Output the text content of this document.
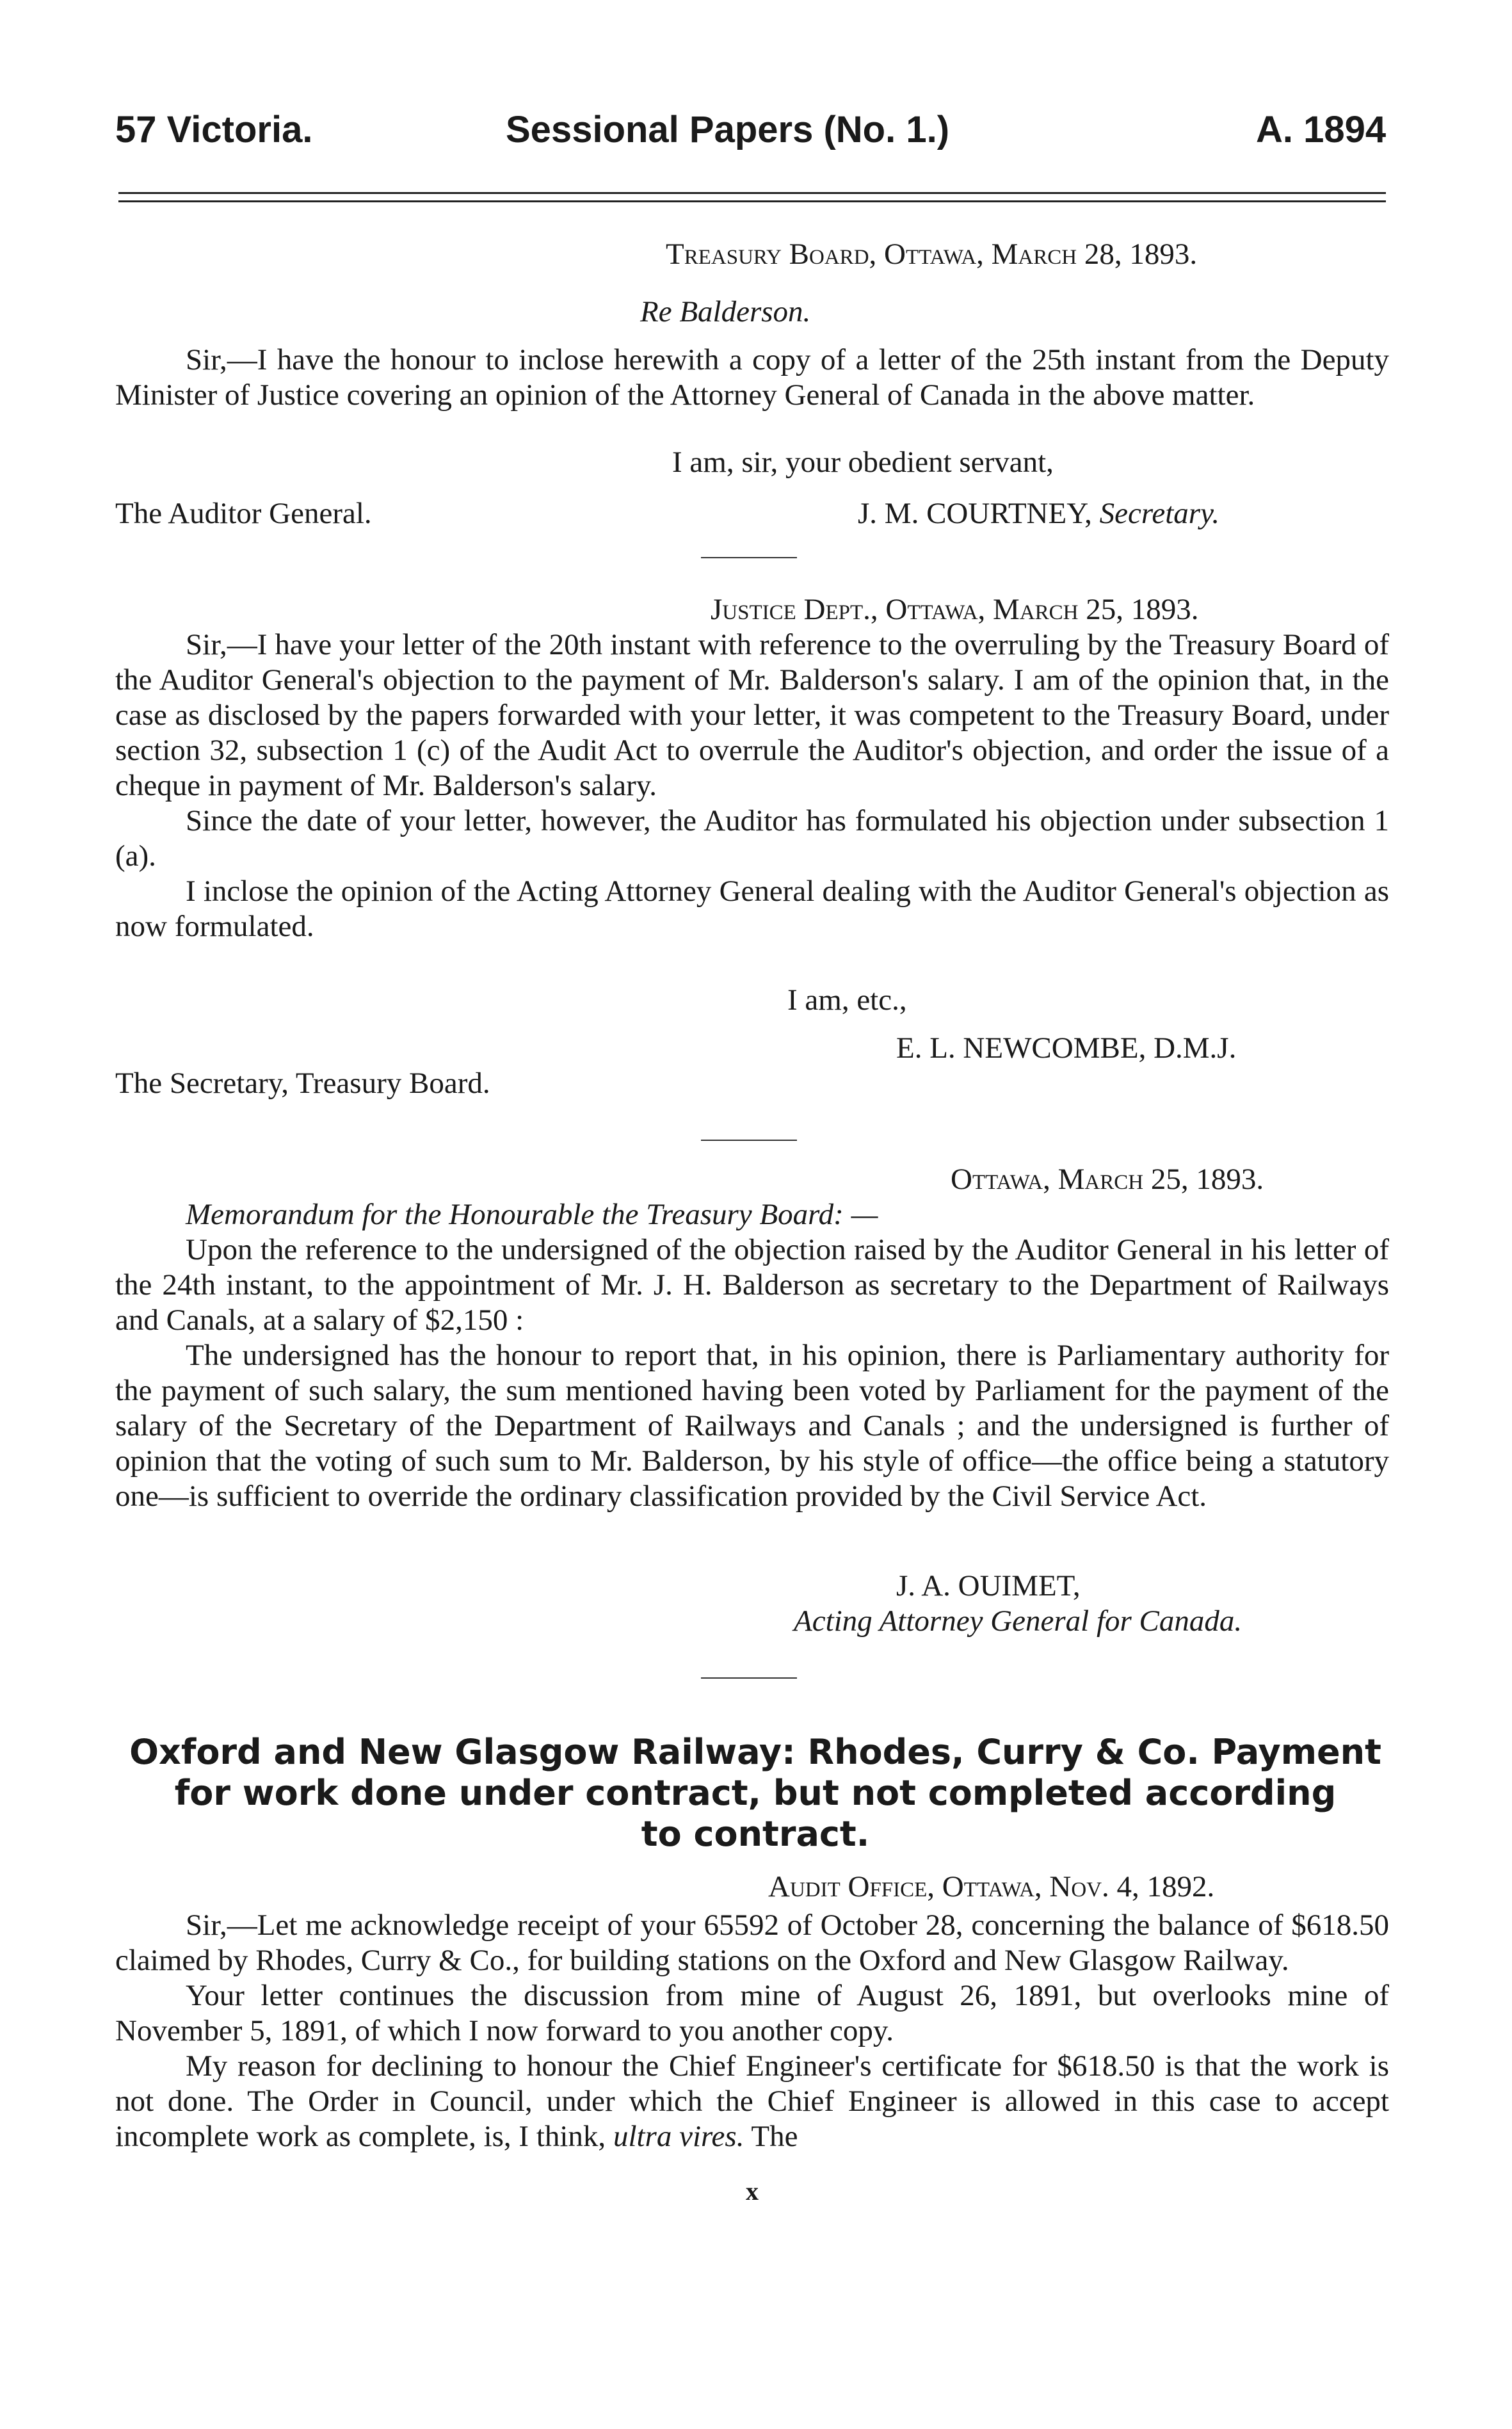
57 Victoria.	Sessional Papers (No. 1.)	A. 1894
Treasury Board, Ottawa, March 28, 1893.
Re Balderson.

Sir,—I have the honour to inclose herewith a copy of a letter of the 25th instant from the Deputy Minister of Justice covering an opinion of the Attorney General of Canada in the above matter.

I am, sir, your obedient servant,
The Auditor General.	J. M. COURTNEY, Secretary.
Justice Dept., Ottawa, March 25, 1893.

Sir,—I have your letter of the 20th instant with reference to the overruling by the Treasury Board of the Auditor General's objection to the payment of Mr. Balderson's salary. I am of the opinion that, in the case as disclosed by the papers forwarded with your letter, it was competent to the Treasury Board, under section 32, subsection 1 (c) of the Audit Act to overrule the Auditor's objection, and order the issue of a cheque in payment of Mr. Balderson's salary.

Since the date of your letter, however, the Auditor has formulated his objection under subsection 1 (a).

I inclose the opinion of the Acting Attorney General dealing with the Auditor General's objection as now formulated.

I am, etc.,
E. L. NEWCOMBE, D.M.J.
The Secretary, Treasury Board.
Ottawa, March 25, 1893.
Memorandum for the Honourable the Treasury Board: —

Upon the reference to the undersigned of the objection raised by the Auditor General in his letter of the 24th instant, to the appointment of Mr. J. H. Balderson as secretary to the Department of Railways and Canals, at a salary of $2,150 :

The undersigned has the honour to report that, in his opinion, there is Parliamentary authority for the payment of such salary, the sum mentioned having been voted by Parliament for the payment of the salary of the Secretary of the Department of Railways and Canals ; and the undersigned is further of opinion that the voting of such sum to Mr. Balderson, by his style of office—the office being a statutory one—is sufficient to override the ordinary classification provided by the Civil Service Act.

J. A. OUIMET,
Acting Attorney General for Canada.
Oxford and New Glasgow Railway: Rhodes, Curry & Co. Payment
for work done under contract, but not completed according
to contract.
Audit Office, Ottawa, Nov. 4, 1892.

Sir,—Let me acknowledge receipt of your 65592 of October 28, concerning the balance of $618.50 claimed by Rhodes, Curry & Co., for building stations on the Oxford and New Glasgow Railway.

Your letter continues the discussion from mine of August 26, 1891, but overlooks mine of November 5, 1891, of which I now forward to you another copy.

My reason for declining to honour the Chief Engineer's certificate for $618.50 is that the work is not done. The Order in Council, under which the Chief Engineer is allowed in this case to accept incomplete work as complete, is, I think, ultra vires. The

x
